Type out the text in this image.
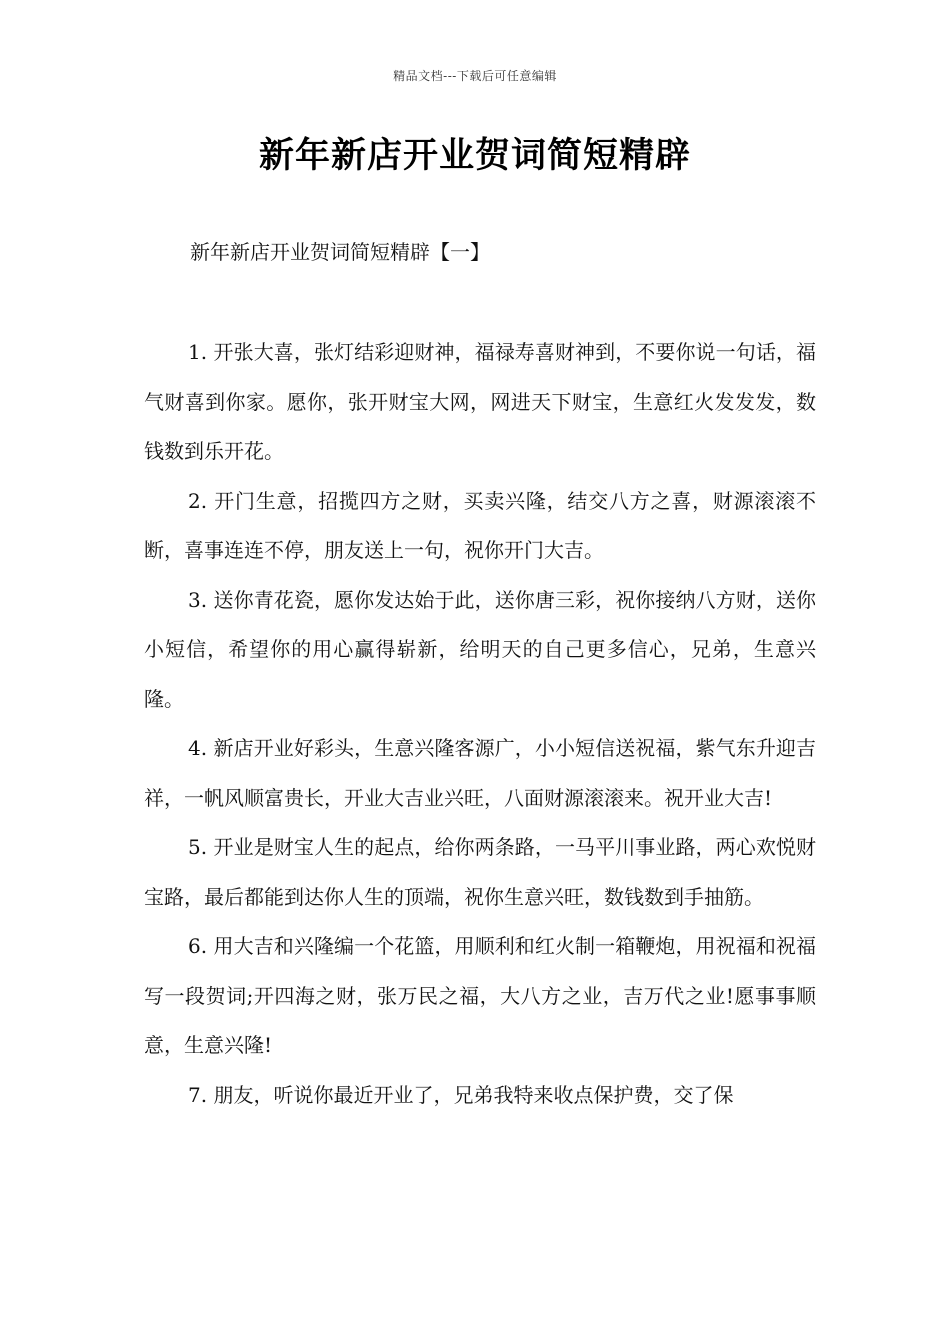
精品文档---下载后可任意编辑
新年新店开业贺词简短精辟
新年新店开业贺词简短精辟【一】

1. 开张大喜，张灯结彩迎财神，福禄寿喜财神到，不要你说一句话，福气财喜到你家。愿你，张开财宝大网，网进天下财宝，生意红火发发发，数钱数到乐开花。

2. 开门生意，招揽四方之财，买卖兴隆，结交八方之喜，财源滚滚不断，喜事连连不停，朋友送上一句，祝你开门大吉。

3. 送你青花瓷，愿你发达始于此，送你唐三彩，祝你接纳八方财，送你小短信，希望你的用心赢得崭新，给明天的自己更多信心，兄弟，生意兴隆。

4. 新店开业好彩头，生意兴隆客源广，小小短信送祝福，紫气东升迎吉祥，一帆风顺富贵长，开业大吉业兴旺，八面财源滚滚来。祝开业大吉!

5. 开业是财宝人生的起点，给你两条路，一马平川事业路，两心欢悦财宝路，最后都能到达你人生的顶端，祝你生意兴旺，数钱数到手抽筋。

6. 用大吉和兴隆编一个花篮，用顺利和红火制一箱鞭炮，用祝福和祝福写一段贺词;开四海之财，张万民之福，大八方之业，吉万代之业!愿事事顺意，生意兴隆!

7. 朋友，听说你最近开业了，兄弟我特来收点保护费，交了保
